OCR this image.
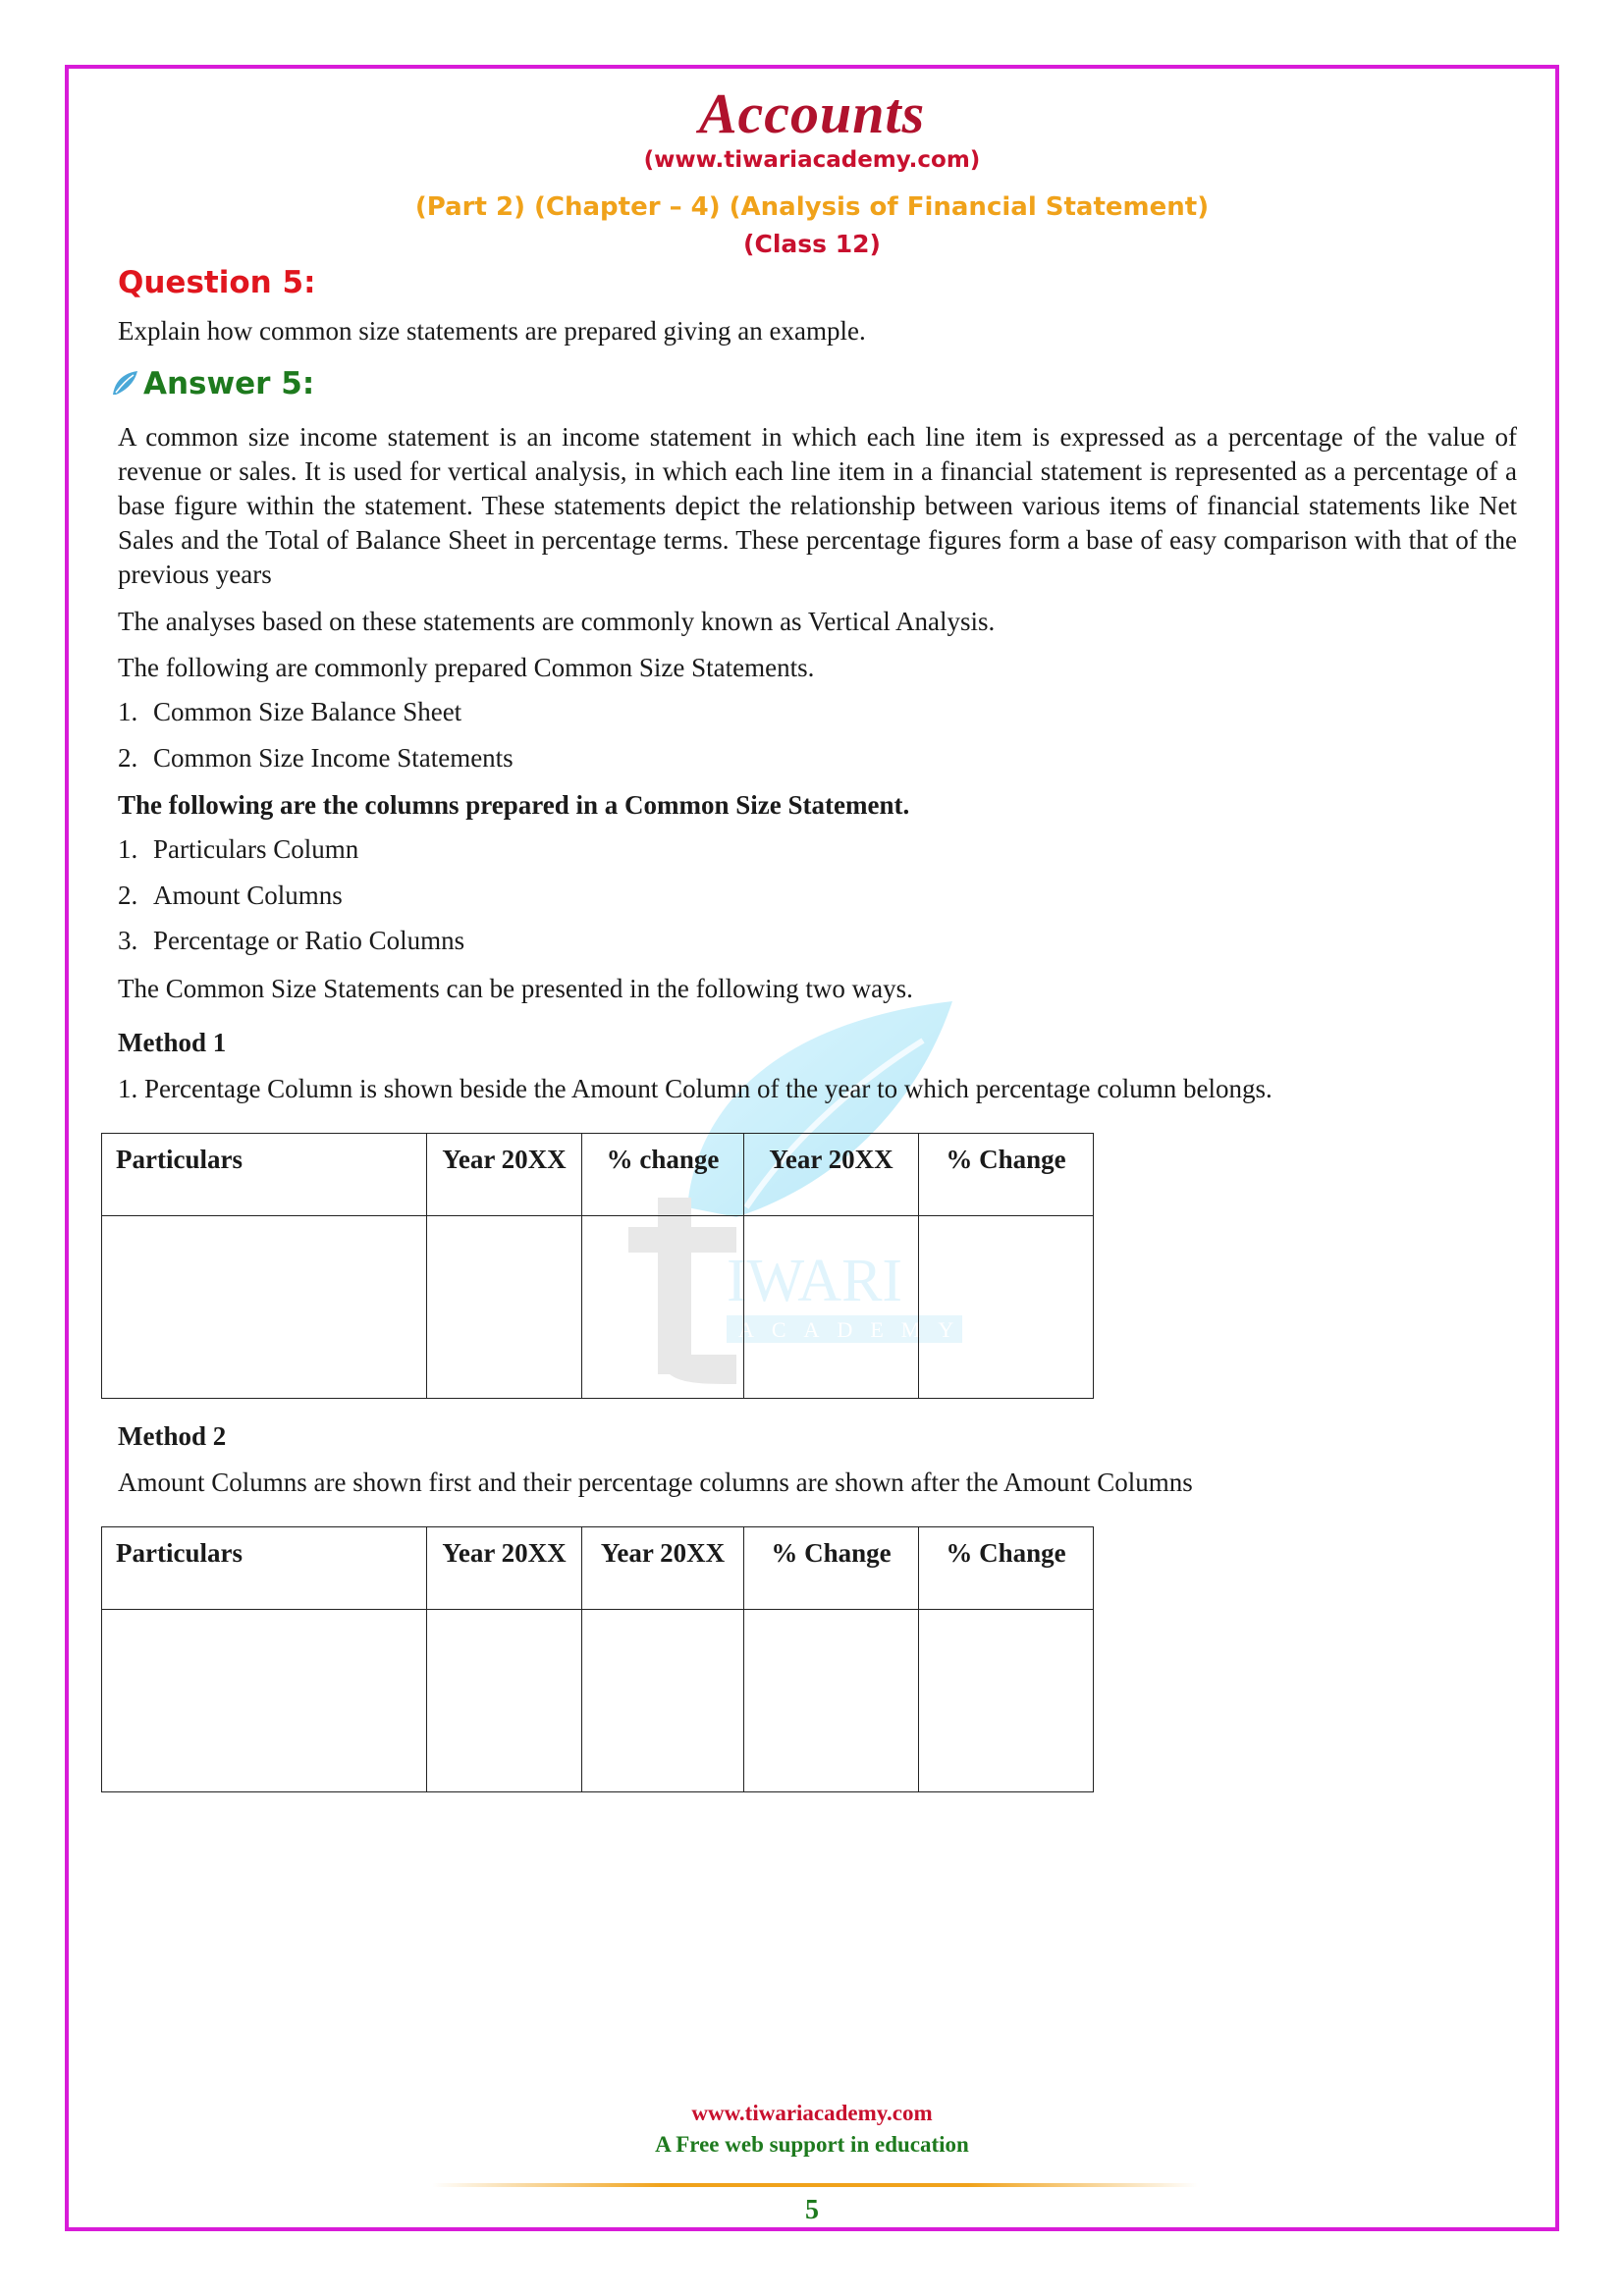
IWARI
ACADEMY
Accounts
(www.tiwariacademy.com)
(Part 2) (Chapter – 4) (Analysis of Financial Statement)
(Class 12)
Question 5:
Explain how common size statements are prepared giving an example.
Answer 5:
A common size income statement is an income statement in which each line item is expressed as a percentage of the value of revenue or sales. It is used for vertical analysis, in which each line item in a financial statement is represented as a percentage of a base figure within the statement. These statements depict the relationship between various items of financial statements like Net Sales and the Total of Balance Sheet in percentage terms. These percentage figures form a base of easy comparison with that of the previous years
The analyses based on these statements are commonly known as Vertical Analysis.
The following are commonly prepared Common Size Statements.
1. Common Size Balance Sheet
2. Common Size Income Statements
The following are the columns prepared in a Common Size Statement.
1. Particulars Column
2. Amount Columns
3. Percentage or Ratio Columns
The Common Size Statements can be presented in the following two ways.
Method 1
1. Percentage Column is shown beside the Amount Column of the year to which percentage column belongs.
Particulars	Year 20XX	% change	Year 20XX	% Change

Method 2
Amount Columns are shown first and their percentage columns are shown after the Amount Columns
Particulars	Year 20XX	Year 20XX	% Change	% Change

www.tiwariacademy.com
A Free web support in education
5
